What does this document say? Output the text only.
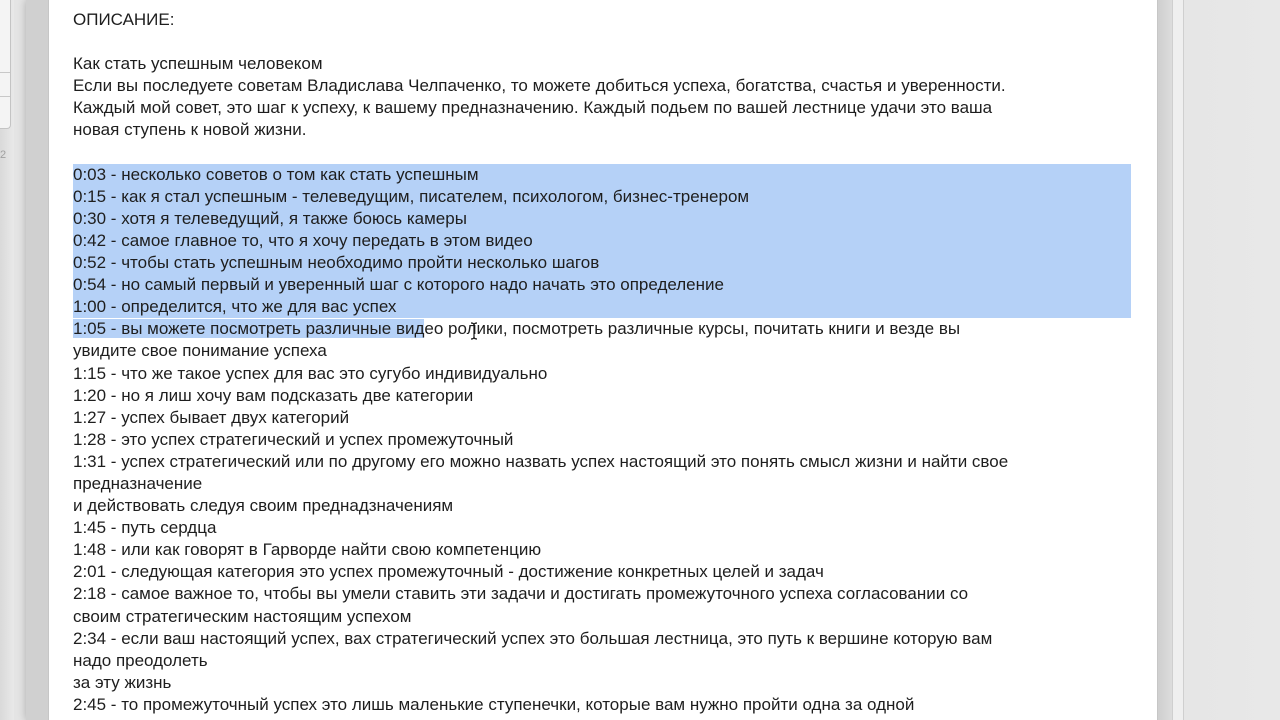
2
ОПИСАНИЕ:
Как стать успешным человеком
Если вы последуете советам Владислава Челпаченко, то можете добиться успеха, богатства, счастья и уверенности.
Каждый мой совет, это шаг к успеху, к вашему предназначению. Каждый подьем по вашей лестнице удачи это ваша
новая ступень к новой жизни.
0:03 - несколько советов о том как стать успешным
0:15 - как я стал успешным - телеведущим, писателем, психологом, бизнес-тренером
0:30 - хотя я телеведущий, я также боюсь камеры
0:42 - самое главное то, что я хочу передать в этом видео
0:52 - чтобы стать успешным необходимо пройти несколько шагов
0:54 - но самый первый и уверенный шаг с которого надо начать это определение
1:00 - определится, что же для вас успех
1:05 - вы можете посмотреть различные видео ролики, посмотреть различные курсы, почитать книги и везде вы
увидите свое понимание успеха
1:15 - что же такое успех для вас это сугубо индивидуально
1:20 - но я лиш хочу вам подсказать две категории
1:27 - успех бывает двух категорий
1:28 - это успех стратегический и успех промежуточный
1:31 - успех стратегический или по другому его можно назвать успех настоящий это понять смысл жизни и найти свое
предназначение
и действовать следуя своим преднадзначениям
1:45 - путь сердца
1:48 - или как говорят в Гарворде найти свою компетенцию
2:01 - следующая категория это успех промежуточный - достижение конкретных целей и задач
2:18 - самое важное то, чтобы вы умели ставить эти задачи и достигать промежуточного успеха согласовании со
своим стратегическим настоящим успехом
2:34 - если ваш настоящий успех, вах стратегический успех это большая лестница, это путь к вершине которую вам
надо преодолеть
за эту жизнь
2:45 - то промежуточный успех это лишь маленькие ступенечки, которые вам нужно пройти одна за одной
